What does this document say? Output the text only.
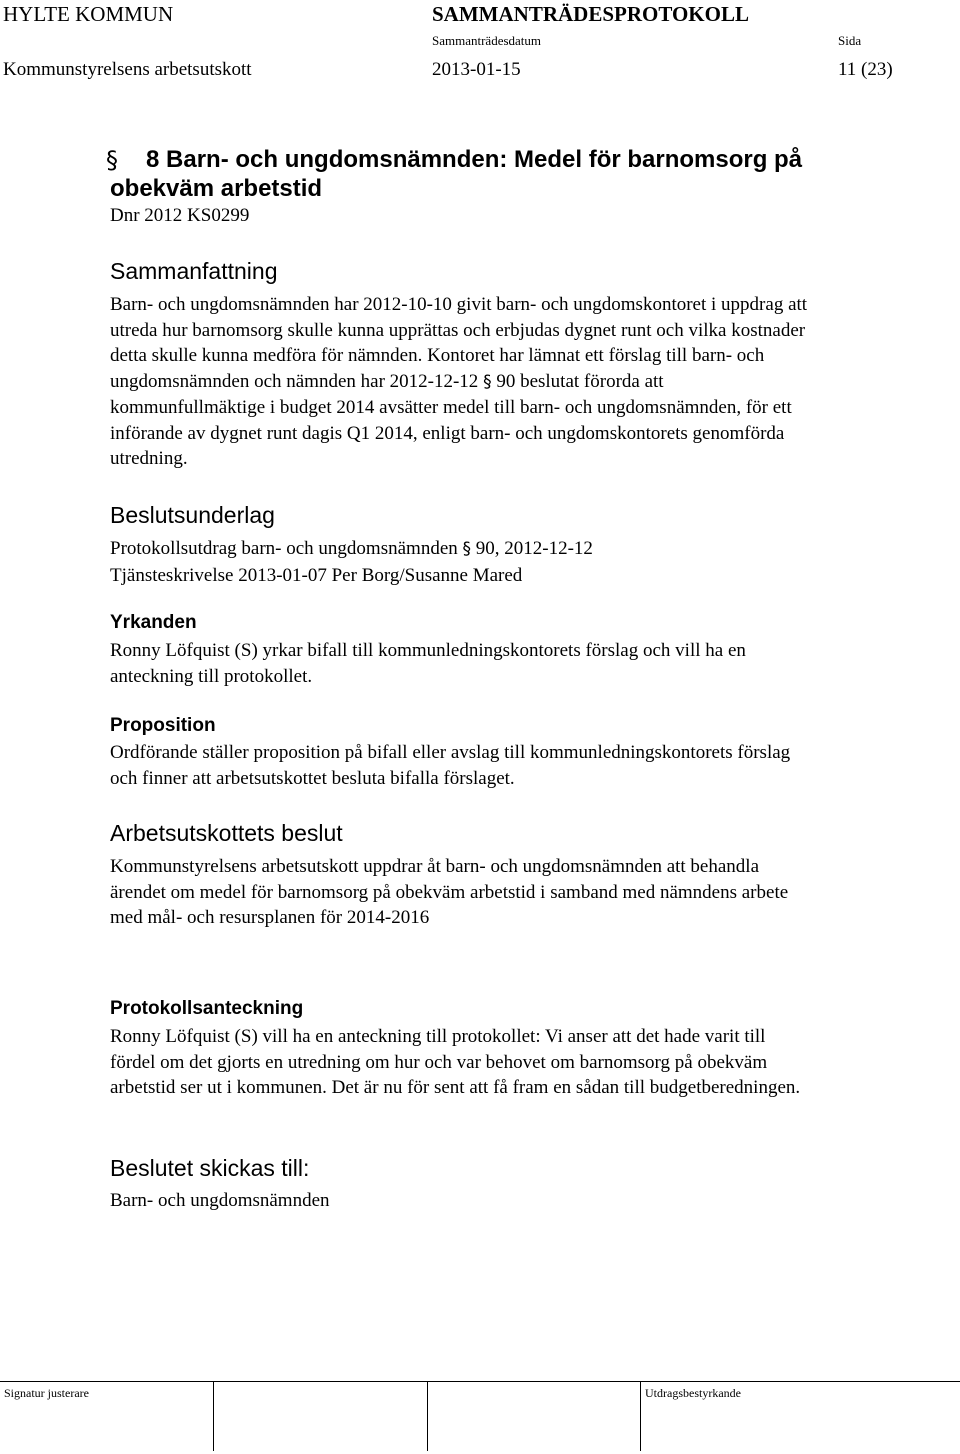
HYLTE KOMMUN	SAMMANTRÄDESPROTOKOLL
Sammanträdesdatum	Sida
Kommunstyrelsens arbetsutskott	2013-01-15	11 (23)
§ 8 Barn- och ungdomsnämnden: Medel för barnomsorg på
obekväm arbetstid
Dnr 2012 KS0299
Sammanfattning
Barn- och ungdomsnämnden har 2012-10-10 givit barn- och ungdomskontoret i uppdrag att
utreda hur barnomsorg skulle kunna upprättas och erbjudas dygnet runt och vilka kostnader
detta skulle kunna medföra för nämnden. Kontoret har lämnat ett förslag till barn- och
ungdomsnämnden och nämnden har 2012-12-12 § 90 beslutat förorda att
kommunfullmäktige i budget 2014 avsätter medel till barn- och ungdomsnämnden, för ett
införande av dygnet runt dagis Q1 2014, enligt barn- och ungdomskontorets genomförda
utredning.
Beslutsunderlag
Protokollsutdrag barn- och ungdomsnämnden § 90, 2012-12-12
Tjänsteskrivelse 2013-01-07 Per Borg/Susanne Mared
Yrkanden
Ronny Löfquist (S) yrkar bifall till kommunledningskontorets förslag och vill ha en
anteckning till protokollet.
Proposition
Ordförande ställer proposition på bifall eller avslag till kommunledningskontorets förslag
och finner att arbetsutskottet besluta bifalla förslaget.
Arbetsutskottets beslut
Kommunstyrelsens arbetsutskott uppdrar åt barn- och ungdomsnämnden att behandla
ärendet om medel för barnomsorg på obekväm arbetstid i samband med nämndens arbete
med mål- och resursplanen för 2014-2016
Protokollsanteckning
Ronny Löfquist (S) vill ha en anteckning till protokollet: Vi anser att det hade varit till
fördel om det gjorts en utredning om hur och var behovet om barnomsorg på obekväm
arbetstid ser ut i kommunen. Det är nu för sent att få fram en sådan till budgetberedningen.
Beslutet skickas till:
Barn- och ungdomsnämnden
Signatur justerare	Utdragsbestyrkande
